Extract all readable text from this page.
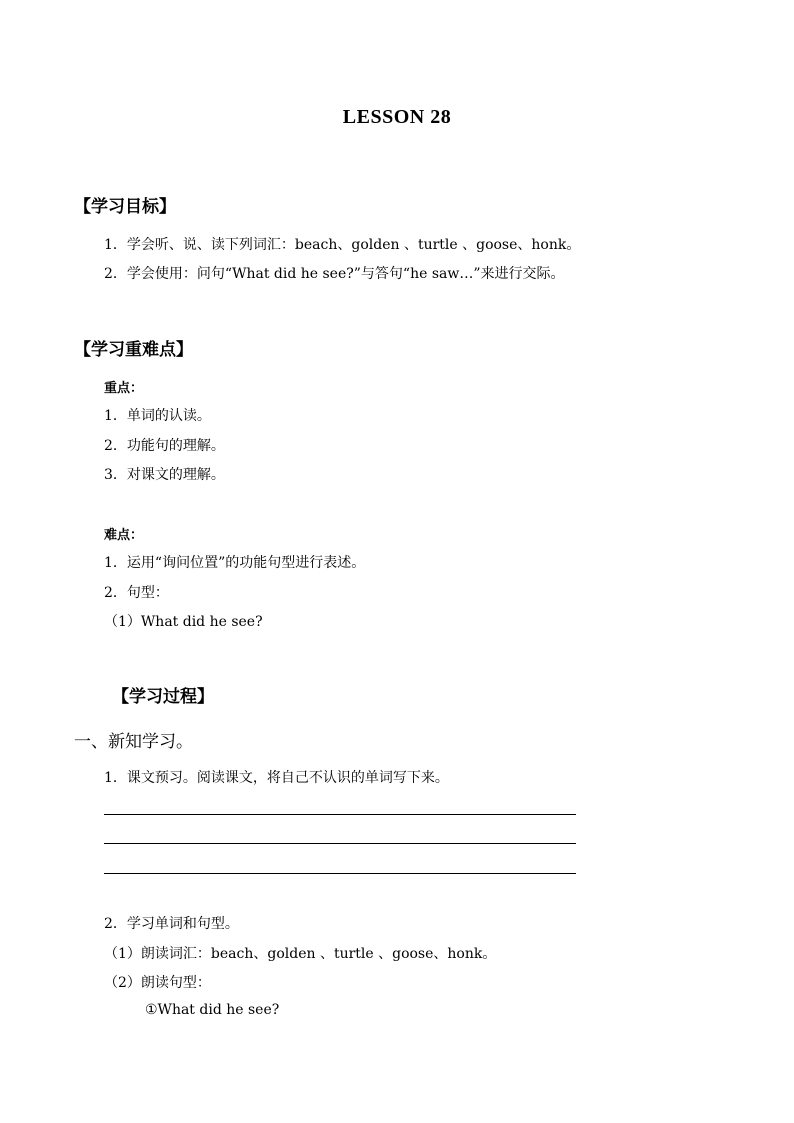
LESSON 28
【学习目标】
1．学会听、说、读下列词汇：beach、golden 、turtle 、goose、honk。
2．学会使用：问句“What did he see?”与答句“he saw…”来进行交际。
【学习重难点】
重点：
1．单词的认读。
2．功能句的理解。
3．对课文的理解。
难点：
1．运用“询问位置”的功能句型进行表述。
2．句型：
（1）What did he see?
【学习过程】
一、新知学习。
1．课文预习。阅读课文，将自己不认识的单词写下来。
2．学习单词和句型。
（1）朗读词汇：beach、golden 、turtle 、goose、honk。
（2）朗读句型：
①What did he see?
